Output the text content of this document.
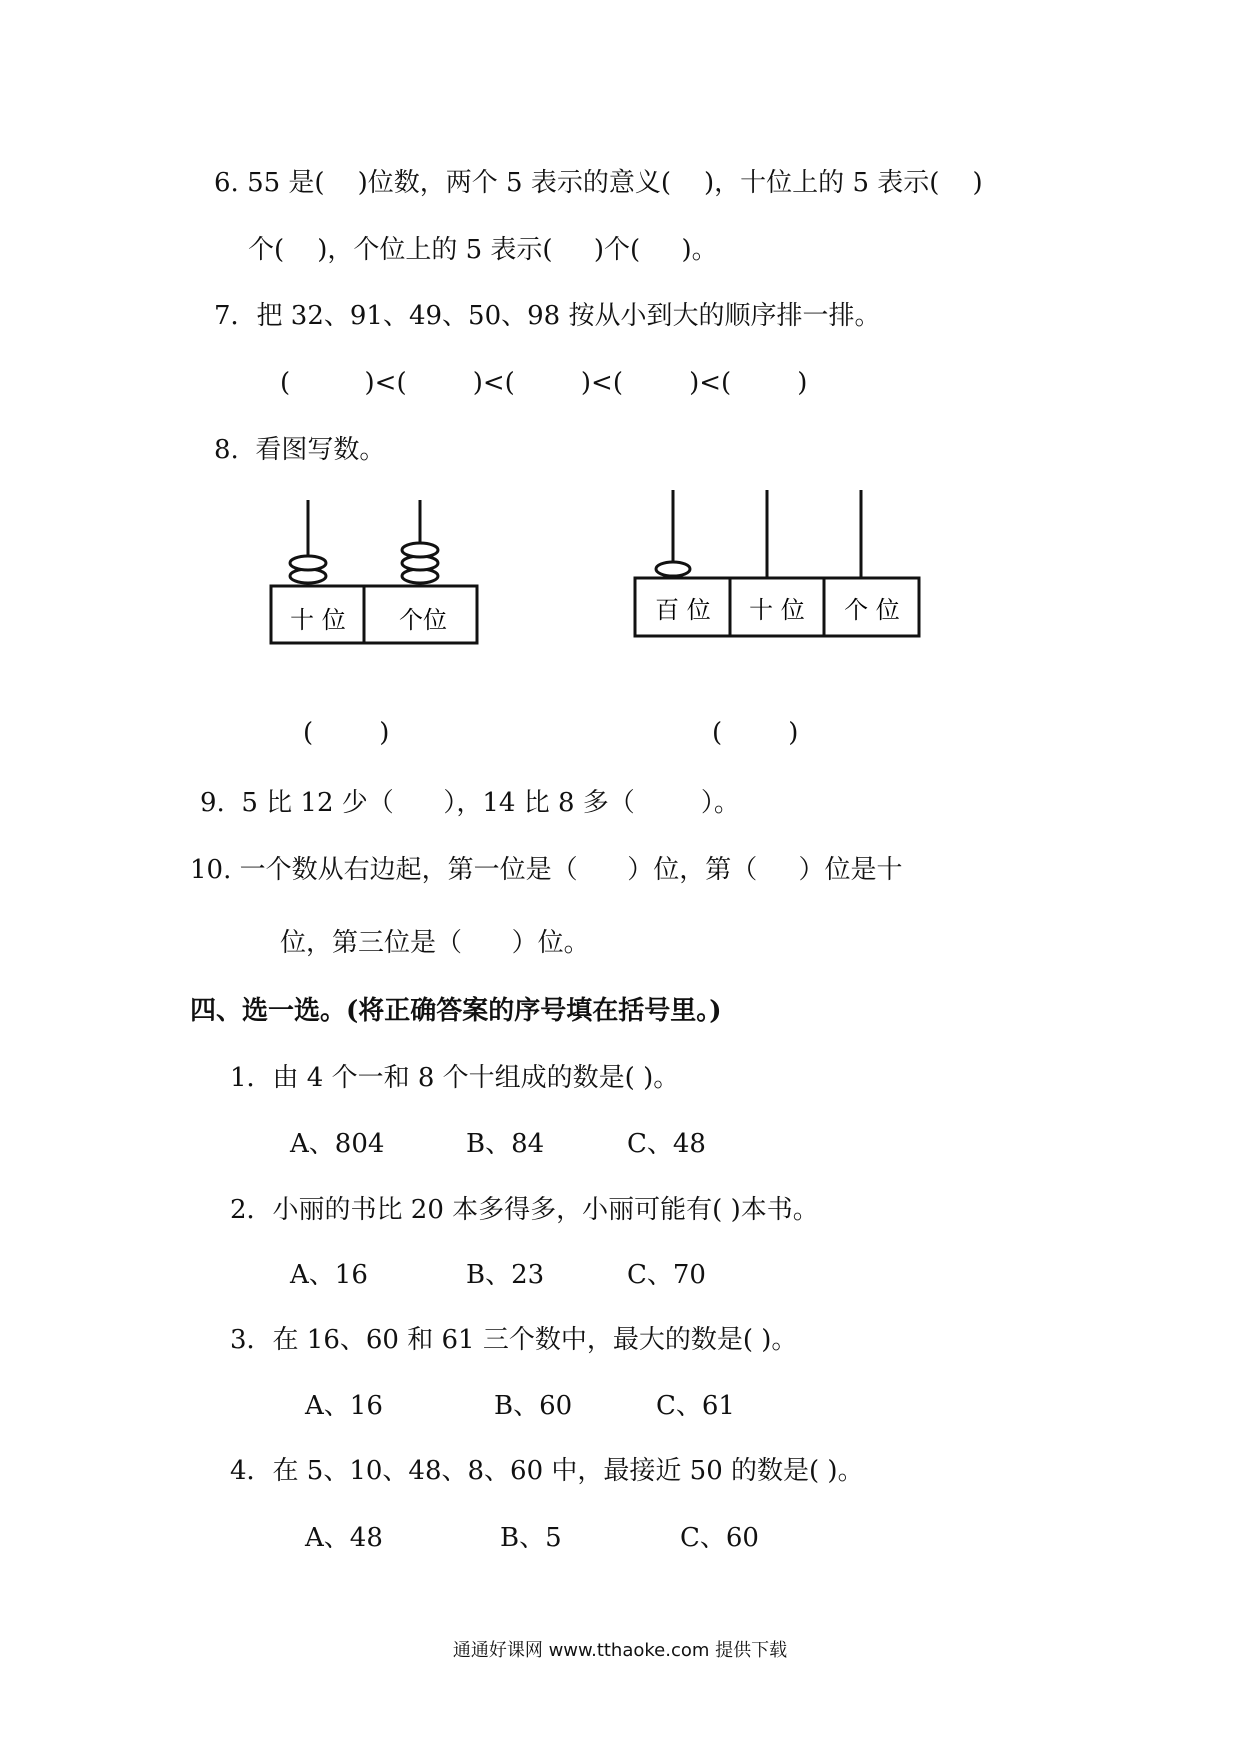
6. 55 是(    )位数，两个 5 表示的意义(    )，十位上的 5 表示(    )
个(    )，个位上的 5 表示(     )个(     )。
7．把 32、91、49、50、98 按从小到大的顺序排一排。
(         )<(        )<(        )<(        )<(        )
8.  看图写数。
十 位 个位	百 位 十 位 个 位
(        )	(        )
9.  5 比 12 少（      ），14 比 8 多（        ）。
10. 一个数从右边起，第一位是（      ）位，第（     ）位是十
位，第三位是（      ）位。
四、选一选。(将正确答案的序号填在括号里。)
1．由 4 个一和 8 个十组成的数是( )。
A、804	B、84	C、48
2．小丽的书比 20 本多得多，小丽可能有( )本书。
A、16	B、23	C、70
3．在 16、60 和 61 三个数中，最大的数是( )。
A、16	B、60	C、61
4．在 5、10、48、8、60 中，最接近 50 的数是( )。
A、48	B、5	C、60
通通好课网 www.tthaoke.com 提供下载
